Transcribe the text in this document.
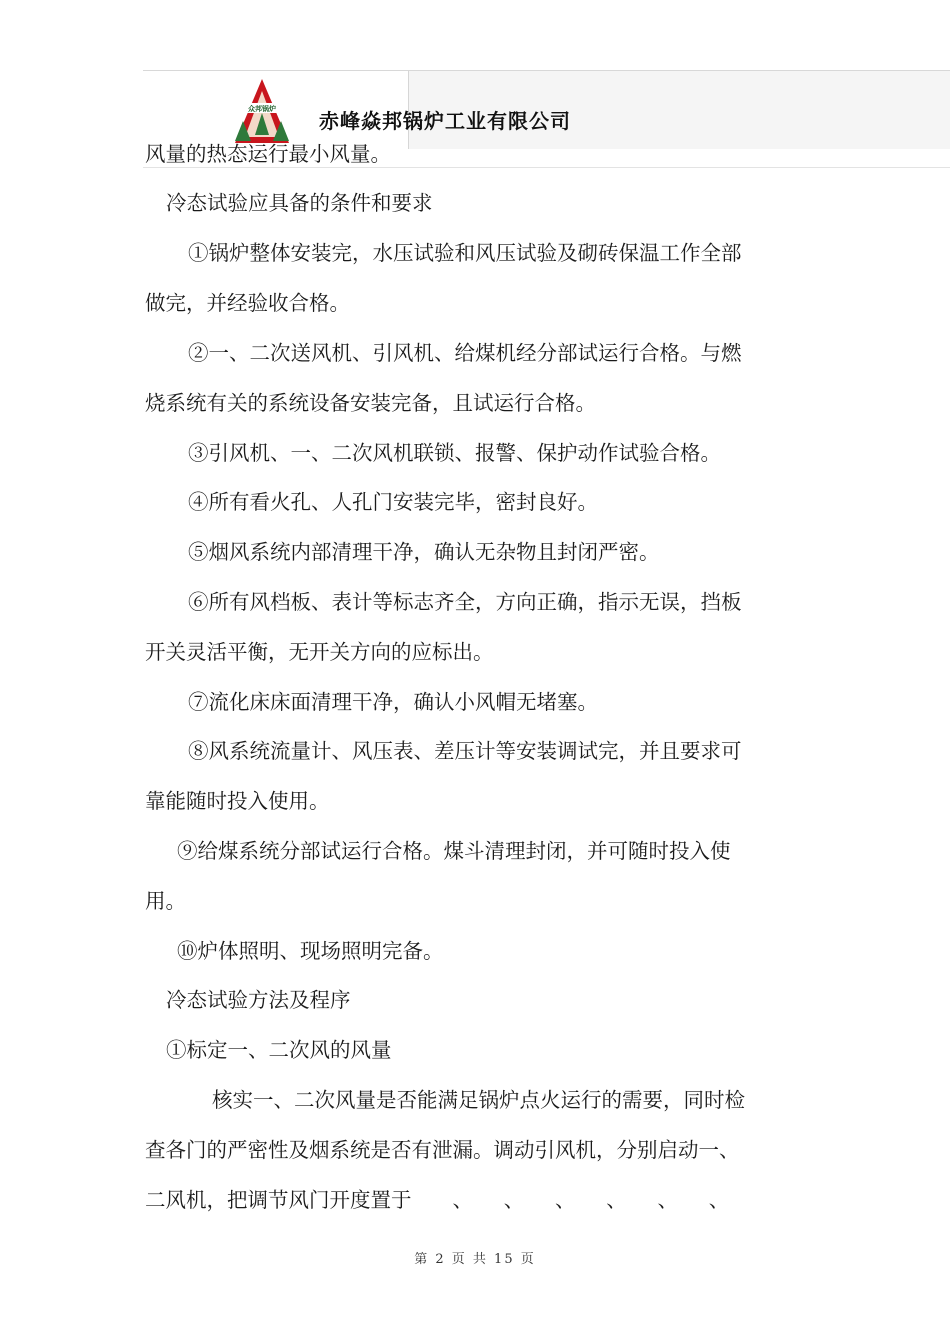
众邦锅炉 赤峰焱邦锅炉工业有限公司
风量的热态运行最小风量。
冷态试验应具备的条件和要求
①锅炉整体安装完，水压试验和风压试验及砌砖保温工作全部
做完，并经验收合格。
②一、二次送风机、引风机、给煤机经分部试运行合格。与燃
烧系统有关的系统设备安装完备，且试运行合格。
③引风机、一、二次风机联锁、报警、保护动作试验合格。
④所有看火孔、人孔门安装完毕，密封良好。
⑤烟风系统内部清理干净，确认无杂物且封闭严密。
⑥所有风档板、表计等标志齐全，方向正确，指示无误，挡板
开关灵活平衡，无开关方向的应标出。
⑦流化床床面清理干净，确认小风帽无堵塞。
⑧风系统流量计、风压表、差压计等安装调试完，并且要求可
靠能随时投入使用。
⑨给煤系统分部试运行合格。煤斗清理封闭，并可随时投入使
用。
⑩炉体照明、现场照明完备。
冷态试验方法及程序
①标定一、二次风的风量
核实一、二次风量是否能满足锅炉点火运行的需要，同时检
查各门的严密性及烟系统是否有泄漏。调动引风机，分别启动一、
二风机，把调节风门开度置于　　、　　、　　、　　、　　、　　、
第 2 页 共 15 页
